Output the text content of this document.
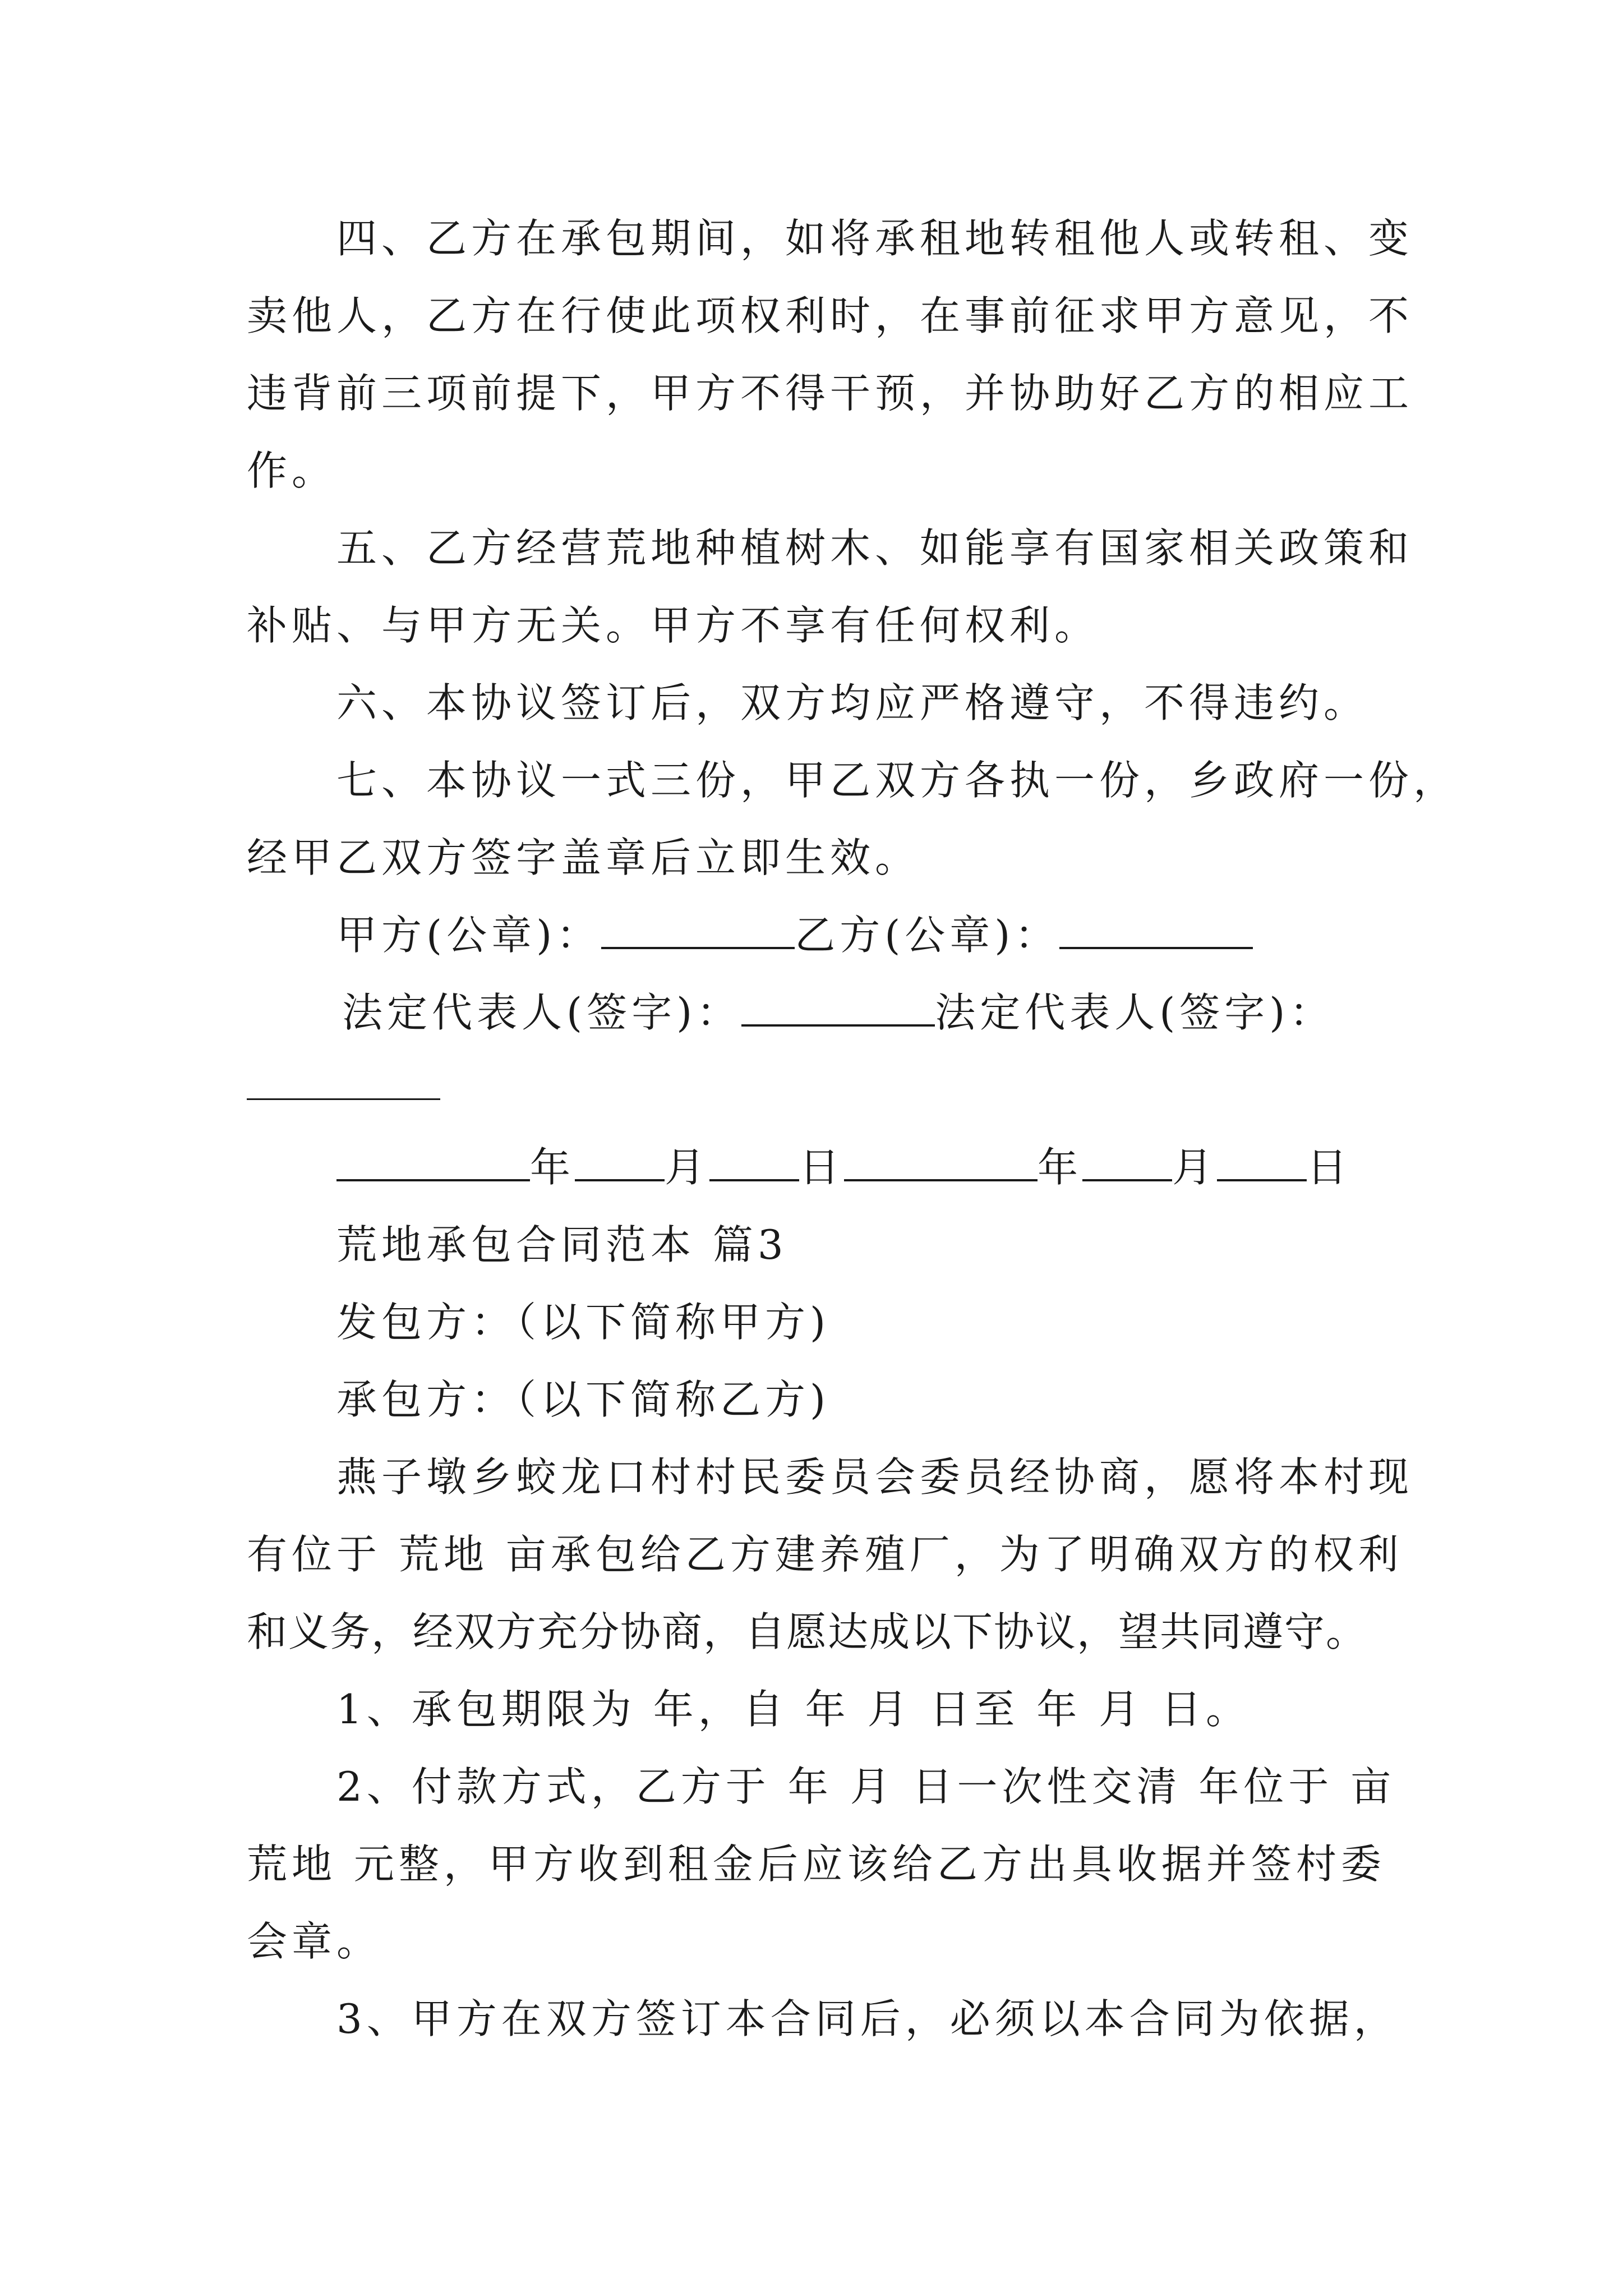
四、乙方在承包期间，如将承租地转租他人或转租、变
卖他人，乙方在行使此项权利时，在事前征求甲方意见，不
违背前三项前提下，甲方不得干预，并协助好乙方的相应工
作。
五、乙方经营荒地种植树木、如能享有国家相关政策和
补贴、与甲方无关。甲方不享有任何权利。
六、本协议签订后，双方均应严格遵守，不得违约。
七、本协议一式三份，甲乙双方各执一份，乡政府一份，
经甲乙双方签字盖章后立即生效。
甲方(公章)：	乙方(公章)：
法定代表人(签字)：	法定代表人(签字)：
年 月 日	年 月 日
荒地承包合同范本 篇3
发包方：（以下简称甲方)
承包方：（以下简称乙方)
燕子墩乡蛟龙口村村民委员会委员经协商，愿将本村现
有位于 荒地 亩承包给乙方建养殖厂，为了明确双方的权利
和义务，经双方充分协商，自愿达成以下协议，望共同遵守。
1、承包期限为 年，自 年 月 日至 年 月 日。
2、付款方式，乙方于 年 月 日一次性交清 年位于 亩
荒地 元整，甲方收到租金后应该给乙方出具收据并签村委
会章。
3、甲方在双方签订本合同后，必须以本合同为依据，
